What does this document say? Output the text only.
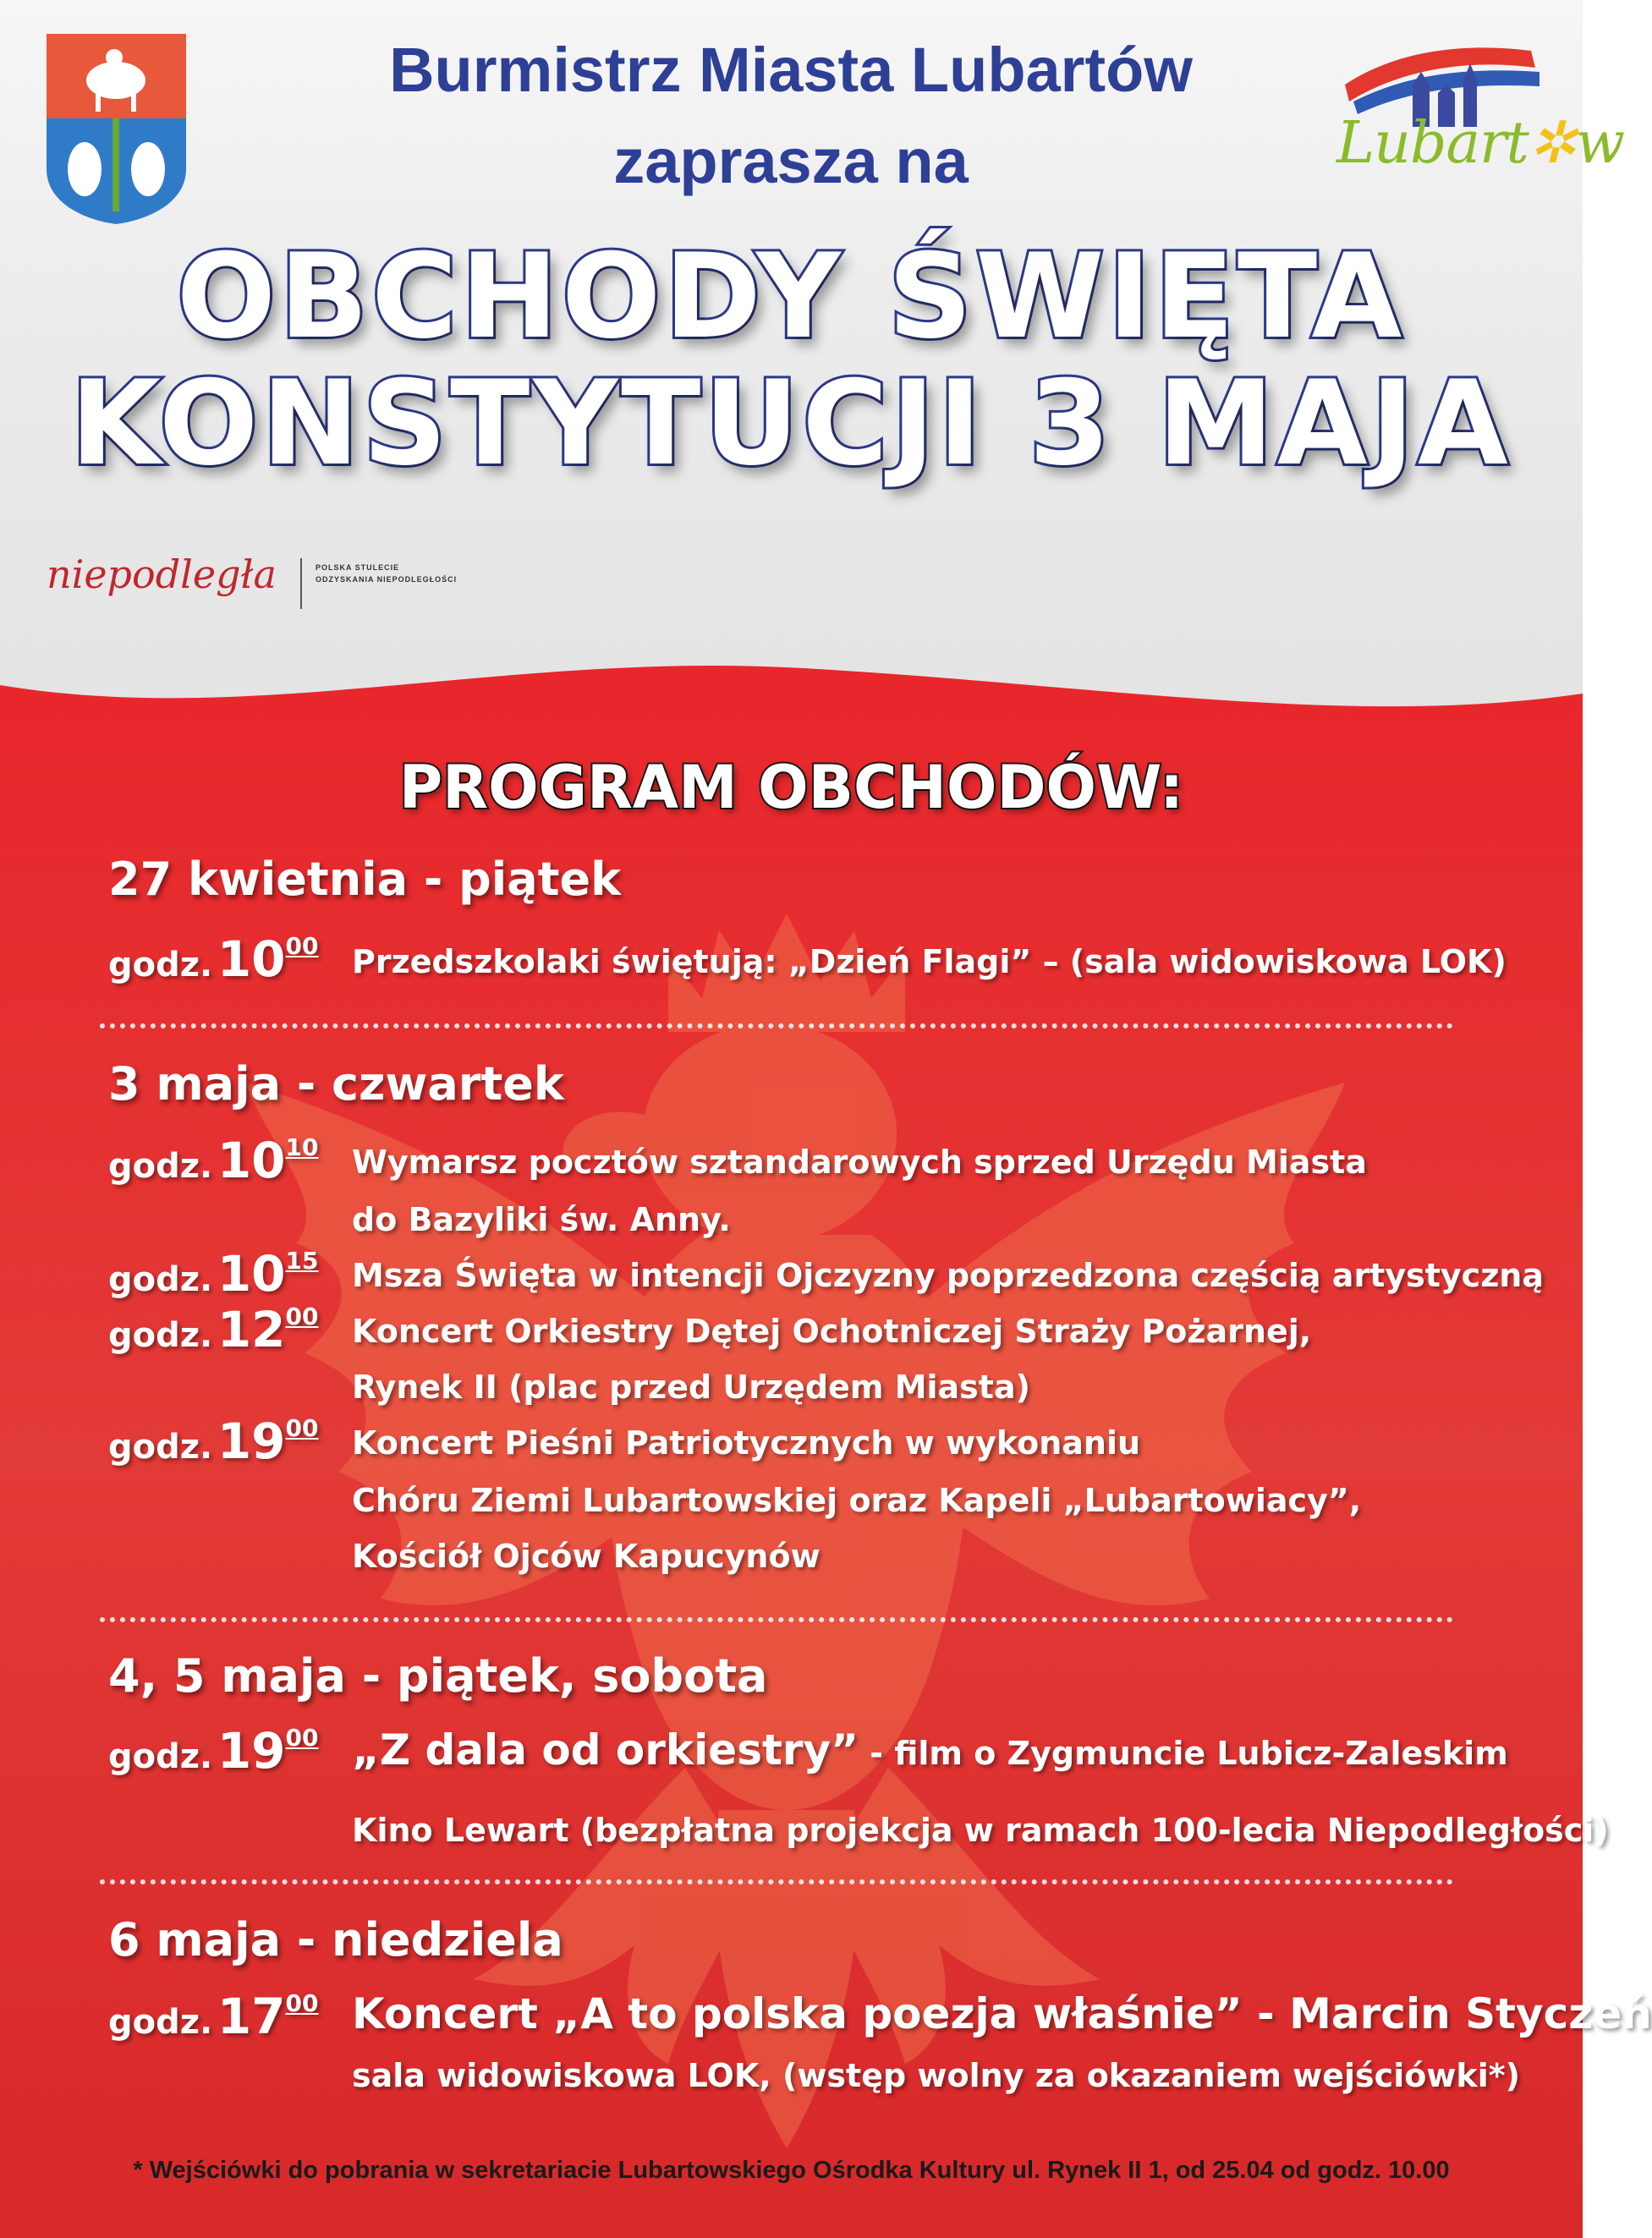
Lubart✲w
Burmistrz Miasta Lubartów
zaprasza na
OBCHODY ŚWIĘTA
KONSTYTUCJI 3 MAJA
niepodległa	POLSKA STULECIE ODZYSKANIA NIEPODLEGŁOŚCI
PROGRAM OBCHODÓW:
27 kwietnia - piątek
godz. 1000 Przedszkolaki świętują: „Dzień Flagi” – (sala widowiskowa LOK)
3 maja - czwartek
godz. 1010 Wymarsz pocztów sztandarowych sprzed Urzędu Miasta
do Bazyliki św. Anny.
godz. 1015 Msza Święta w intencji Ojczyzny poprzedzona częścią artystyczną
godz. 1200 Koncert Orkiestry Dętej Ochotniczej Straży Pożarnej,
Rynek II (plac przed Urzędem Miasta)
godz. 1900 Koncert Pieśni Patriotycznych w wykonaniu
Chóru Ziemi Lubartowskiej oraz Kapeli „Lubartowiacy”,
Kościół Ojców Kapucynów
4, 5 maja - piątek, sobota
godz. 1900 „Z dala od orkiestry” - film o Zygmuncie Lubicz-Zaleskim
Kino Lewart (bezpłatna projekcja w ramach 100-lecia Niepodległości)
6 maja - niedziela
godz. 1700 Koncert „A to polska poezja właśnie” - Marcin Styczeń
sala widowiskowa LOK, (wstęp wolny za okazaniem wejściówki*)
* Wejściówki do pobrania w sekretariacie Lubartowskiego Ośrodka Kultury ul. Rynek II 1, od 25.04 od godz. 10.00
